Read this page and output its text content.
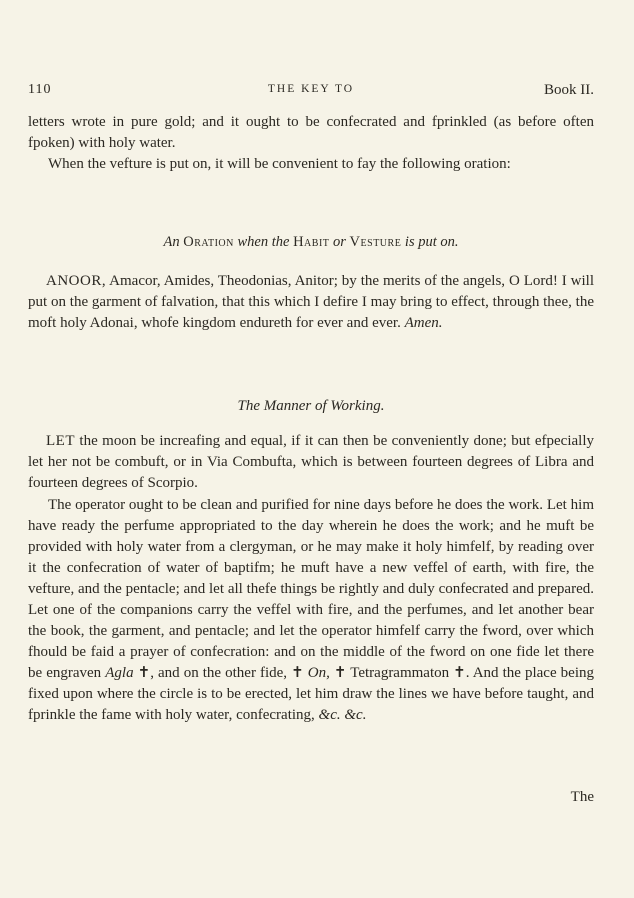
110	THE KEY TO	Book II.
letters wrote in pure gold; and it ought to be confecrated and fprinkled (as before often fpoken) with holy water.
When the vefture is put on, it will be convenient to fay the following oration:
An Oration when the Habit or Vesture is put on.
ANOOR, Amacor, Amides, Theodonias, Anitor; by the merits of the angels, O Lord! I will put on the garment of falvation, that this which I defire I may bring to effect, through thee, the moft holy Adonai, whofe kingdom endureth for ever and ever. Amen.
The Manner of Working.
LET the moon be increafing and equal, if it can then be conveniently done; but efpecially let her not be combuft, or in Via Combufta, which is between fourteen degrees of Libra and fourteen degrees of Scorpio.
The operator ought to be clean and purified for nine days before he does the work. Let him have ready the perfume appropriated to the day wherein he does the work; and he muft be provided with holy water from a clergyman, or he may make it holy himfelf, by reading over it the confecration of water of baptifm; he muft have a new veffel of earth, with fire, the vefture, and the pentacle; and let all thefe things be rightly and duly confecrated and prepared. Let one of the companions carry the veffel with fire, and the perfumes, and let another bear the book, the garment, and pentacle; and let the operator himfelf carry the fword, over which fhould be faid a prayer of confecration: and on the middle of the fword on one fide let there be engraven Agla ✝, and on the other fide, ✝ On, ✝ Tetragrammaton ✝. And the place being fixed upon where the circle is to be erected, let him draw the lines we have before taught, and fprinkle the fame with holy water, confecrating, &c. &c.
The
